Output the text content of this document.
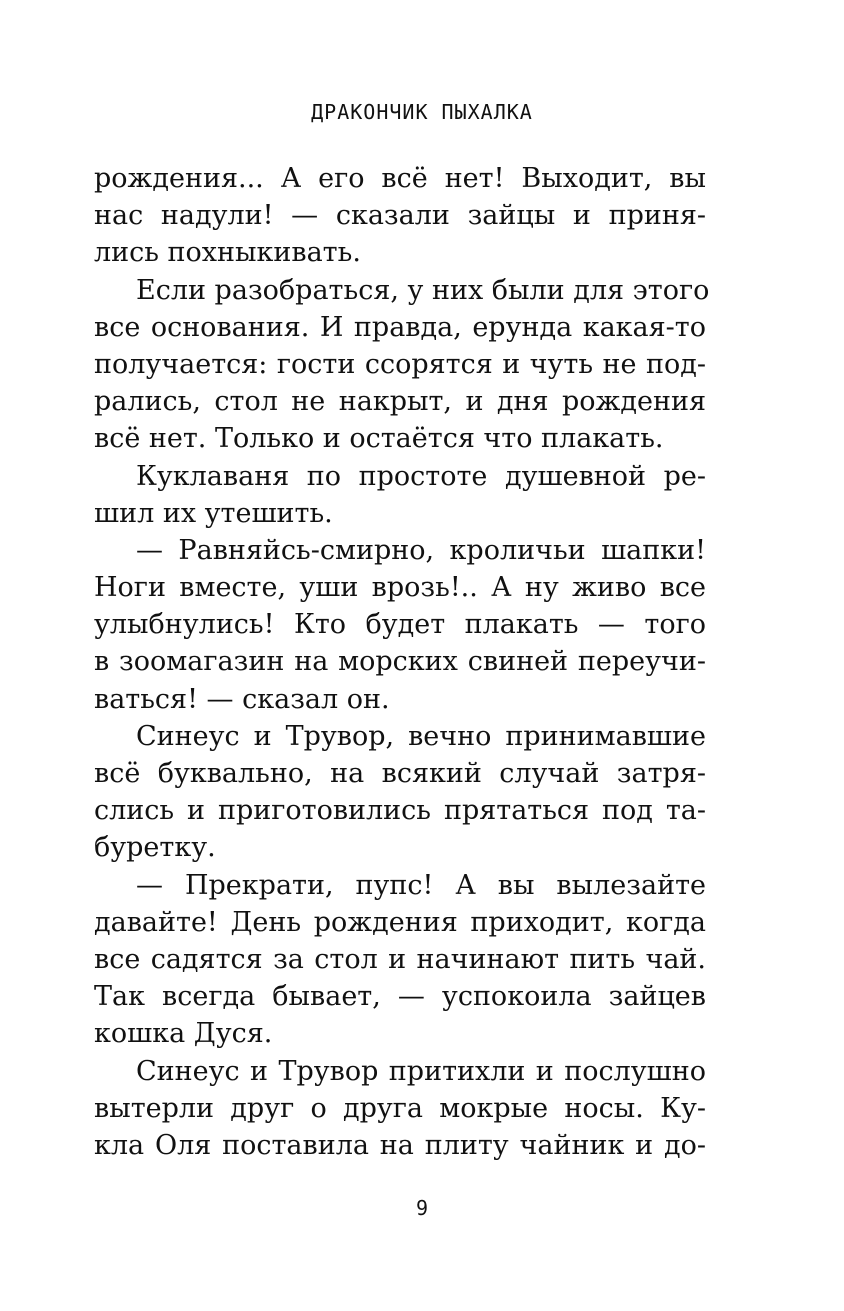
ДРАКОНЧИК ПЫХАЛКА
рождения... А его всё нет! Выходит, вы
нас надули! — сказали зайцы и приня-
лись похныкивать.
Если разобраться, у них были для этого
все основания. И правда, ерунда какая-то
получается: гости ссорятся и чуть не под-
рались, стол не накрыт, и дня рождения
всё нет. Только и остаётся что плакать.
Куклаваня по простоте душевной ре-
шил их утешить.
— Равняйсь-смирно, кроличьи шапки!
Ноги вместе, уши врозь!.. А ну живо все
улыбнулись! Кто будет плакать — того
в зоомагазин на морских свиней переучи-
ваться! — сказал он.
Синеус и Трувор, вечно принимавшие
всё буквально, на всякий случай затря-
слись и приготовились прятаться под та-
буретку.
— Прекрати, пупс! А вы вылезайте
давайте! День рождения приходит, когда
все садятся за стол и начинают пить чай.
Так всегда бывает, — успокоила зайцев
кошка Дуся.
Синеус и Трувор притихли и послушно
вытерли друг о друга мокрые носы. Ку-
кла Оля поставила на плиту чайник и до-
9
